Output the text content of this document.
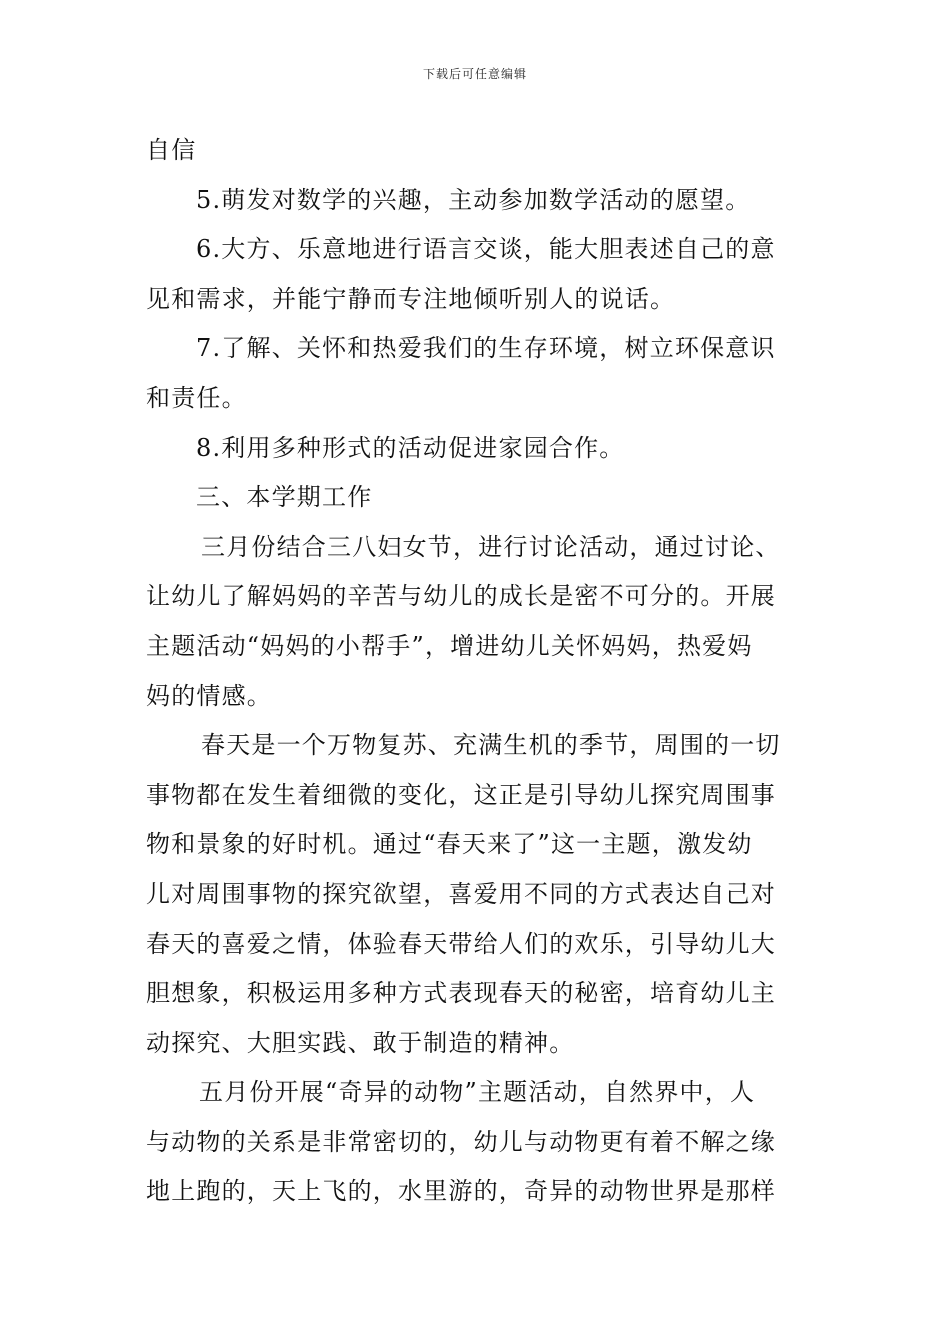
下载后可任意编辑
自信
5.萌发对数学的兴趣，主动参加数学活动的愿望。
6.大方、乐意地进行语言交谈，能大胆表述自己的意
见和需求，并能宁静而专注地倾听别人的说话。
7.了解、关怀和热爱我们的生存环境，树立环保意识
和责任。
8.利用多种形式的活动促进家园合作。
三、本学期工作
三月份结合三八妇女节，进行讨论活动，通过讨论、
让幼儿了解妈妈的辛苦与幼儿的成长是密不可分的。开展
主题活动“妈妈的小帮手”，增进幼儿关怀妈妈，热爱妈
妈的情感。
春天是一个万物复苏、充满生机的季节，周围的一切
事物都在发生着细微的变化，这正是引导幼儿探究周围事
物和景象的好时机。通过“春天来了”这一主题，激发幼
儿对周围事物的探究欲望，喜爱用不同的方式表达自己对
春天的喜爱之情，体验春天带给人们的欢乐，引导幼儿大
胆想象，积极运用多种方式表现春天的秘密，培育幼儿主
动探究、大胆实践、敢于制造的精神。
五月份开展“奇异的动物”主题活动，自然界中，人
与动物的关系是非常密切的，幼儿与动物更有着不解之缘
地上跑的，天上飞的，水里游的，奇异的动物世界是那样
